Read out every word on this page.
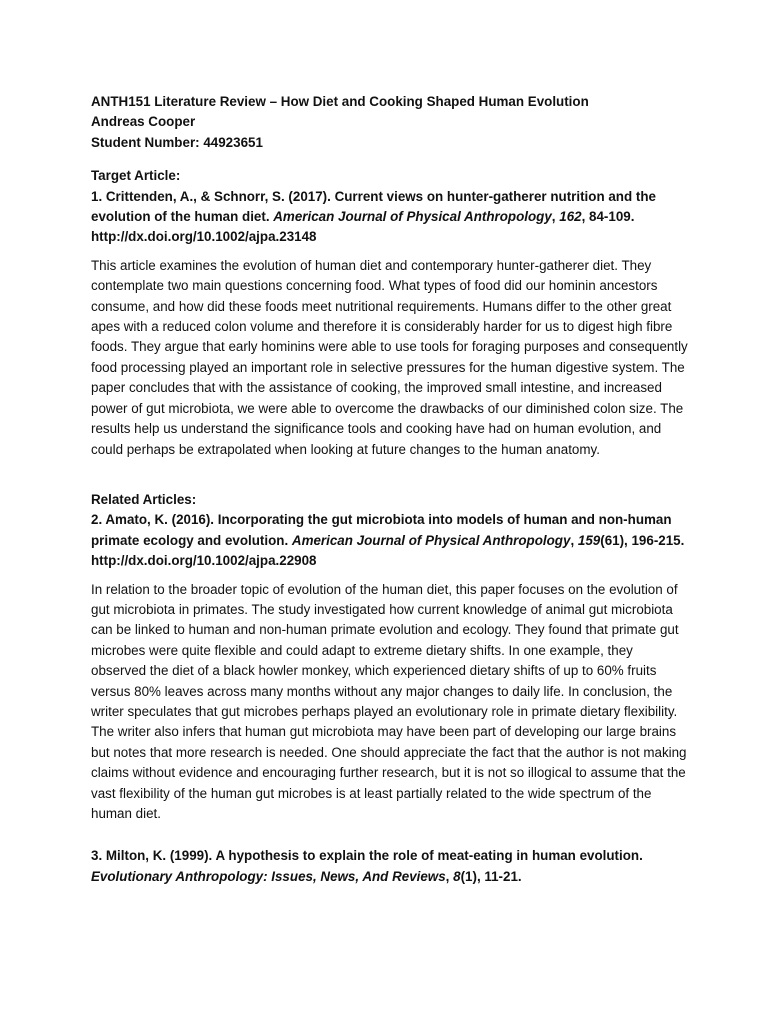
ANTH151 Literature Review – How Diet and Cooking Shaped Human Evolution

Andreas Cooper

Student Number: 44923651

Target Article:

1. Crittenden, A., & Schnorr, S. (2017). Current views on hunter-gatherer nutrition and the evolution of the human diet. American Journal of Physical Anthropology, 162, 84-109.

http://dx.doi.org/10.1002/ajpa.23148

This article examines the evolution of human diet and contemporary hunter-gatherer diet. They contemplate two main questions concerning food. What types of food did our hominin ancestors consume, and how did these foods meet nutritional requirements. Humans differ to the other great apes with a reduced colon volume and therefore it is considerably harder for us to digest high fibre foods. They argue that early hominins were able to use tools for foraging purposes and consequently food processing played an important role in selective pressures for the human digestive system. The paper concludes that with the assistance of cooking, the improved small intestine, and increased power of gut microbiota, we were able to overcome the drawbacks of our diminished colon size. The results help us understand the significance tools and cooking have had on human evolution, and could perhaps be extrapolated when looking at future changes to the human anatomy.

Related Articles:

2. Amato, K. (2016). Incorporating the gut microbiota into models of human and non-human primate ecology and evolution. American Journal of Physical Anthropology, 159(61), 196-215.

http://dx.doi.org/10.1002/ajpa.22908

In relation to the broader topic of evolution of the human diet, this paper focuses on the evolution of gut microbiota in primates. The study investigated how current knowledge of animal gut microbiota can be linked to human and non-human primate evolution and ecology. They found that primate gut microbes were quite flexible and could adapt to extreme dietary shifts. In one example, they observed the diet of a black howler monkey, which experienced dietary shifts of up to 60% fruits versus 80% leaves across many months without any major changes to daily life. In conclusion, the writer speculates that gut microbes perhaps played an evolutionary role in primate dietary flexibility. The writer also infers that human gut microbiota may have been part of developing our large brains but notes that more research is needed. One should appreciate the fact that the author is not making claims without evidence and encouraging further research, but it is not so illogical to assume that the vast flexibility of the human gut microbes is at least partially related to the wide spectrum of the human diet.

3. Milton, K. (1999). A hypothesis to explain the role of meat-eating in human evolution.

Evolutionary Anthropology: Issues, News, And Reviews, 8(1), 11-21.
